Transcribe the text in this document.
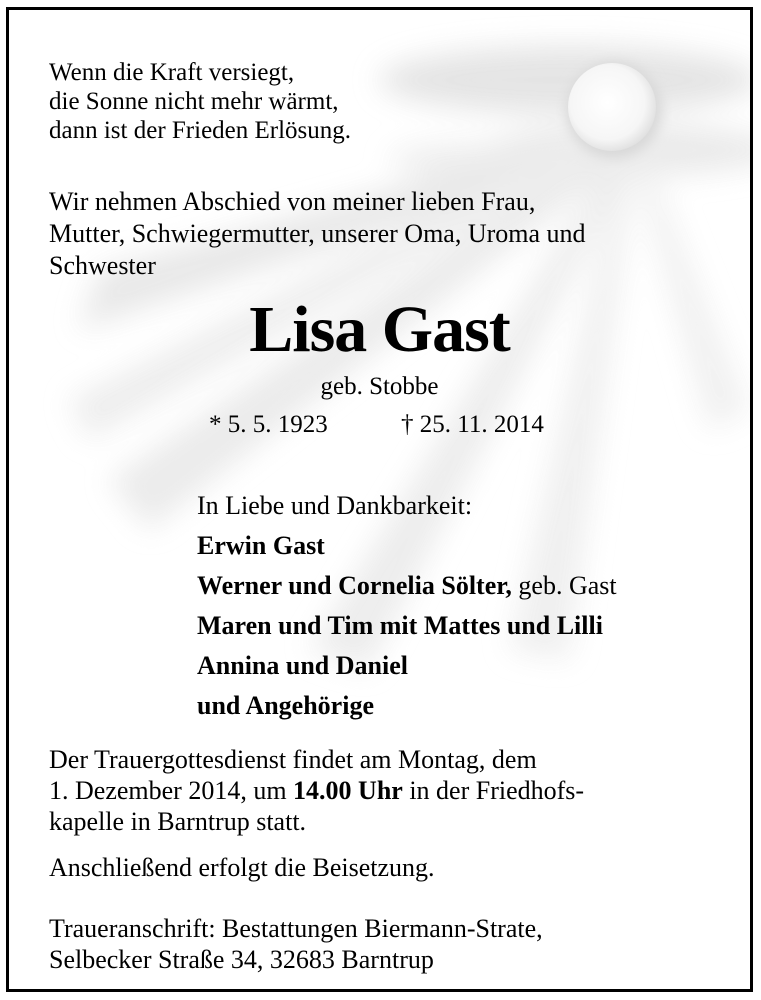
Wenn die Kraft versiegt,
die Sonne nicht mehr wärmt,
dann ist der Frieden Erlösung.
Wir nehmen Abschied von meiner lieben Frau,
Mutter, Schwiegermutter, unserer Oma, Uroma und
Schwester
Lisa Gast
geb. Stobbe
* 5. 5. 1923	† 25. 11. 2014
In Liebe und Dankbarkeit:
Erwin Gast
Werner und Cornelia Sölter, geb. Gast
Maren und Tim mit Mattes und Lilli
Annina und Daniel
und Angehörige
Der Trauergottesdienst findet am Montag, dem
1. Dezember 2014, um 14.00 Uhr in der Friedhofs-
kapelle in Barntrup statt.
Anschließend erfolgt die Beisetzung.
Traueranschrift: Bestattungen Biermann-Strate,
Selbecker Straße 34, 32683 Barntrup
